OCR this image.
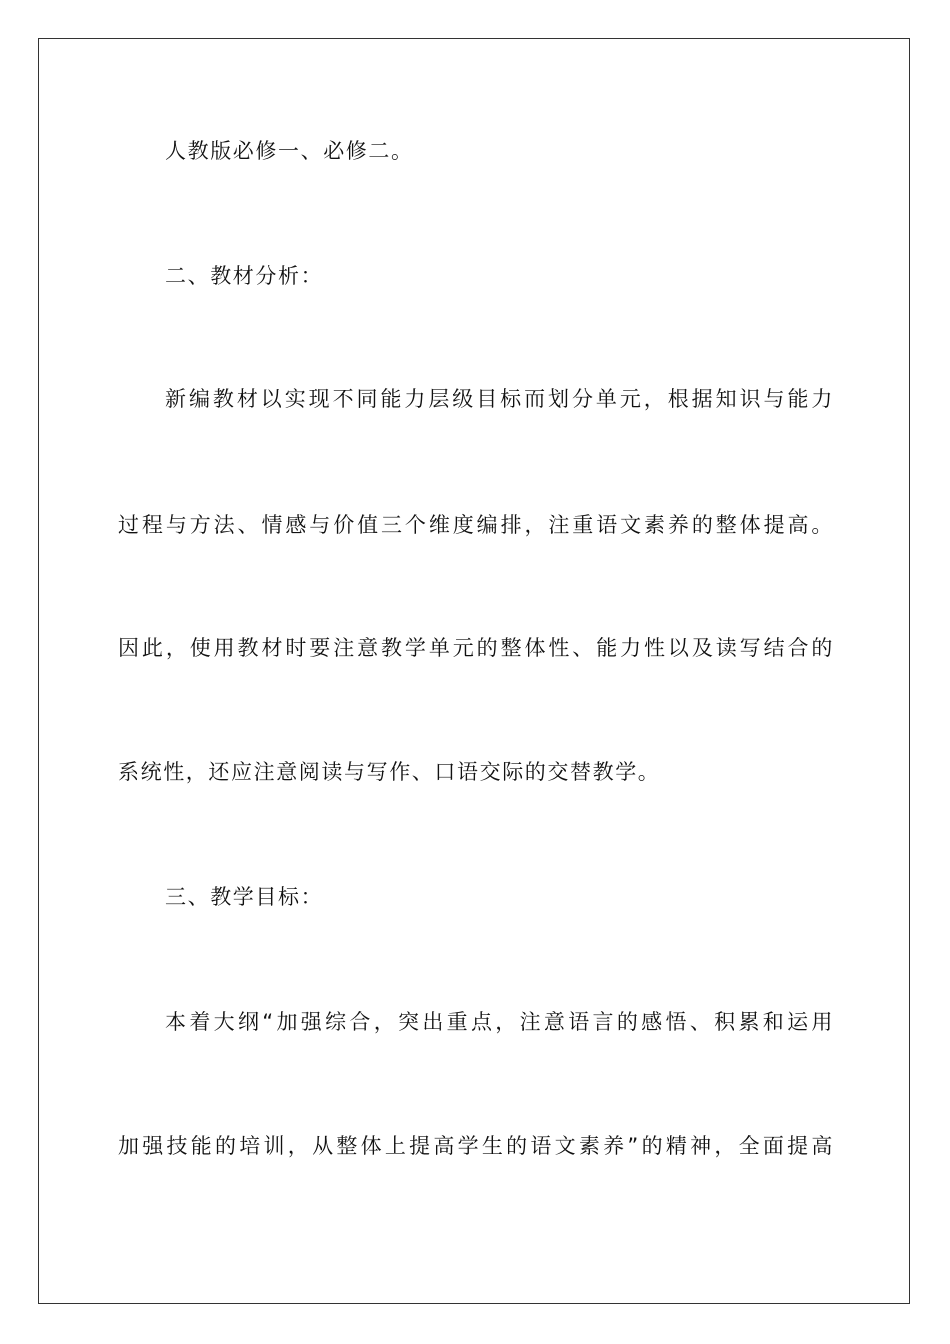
人教版必修一、必修二。
二、教材分析：
新编教材以实现不同能力层级目标而划分单元，根据知识与能力
过程与方法、情感与价值三个维度编排，注重语文素养的整体提高。
因此，使用教材时要注意教学单元的整体性、能力性以及读写结合的
系统性，还应注意阅读与写作、口语交际的交替教学。
三、教学目标：
本着大纲“加强综合，突出重点，注意语言的感悟、积累和运用
加强技能的培训，从整体上提高学生的语文素养”的精神，全面提高
